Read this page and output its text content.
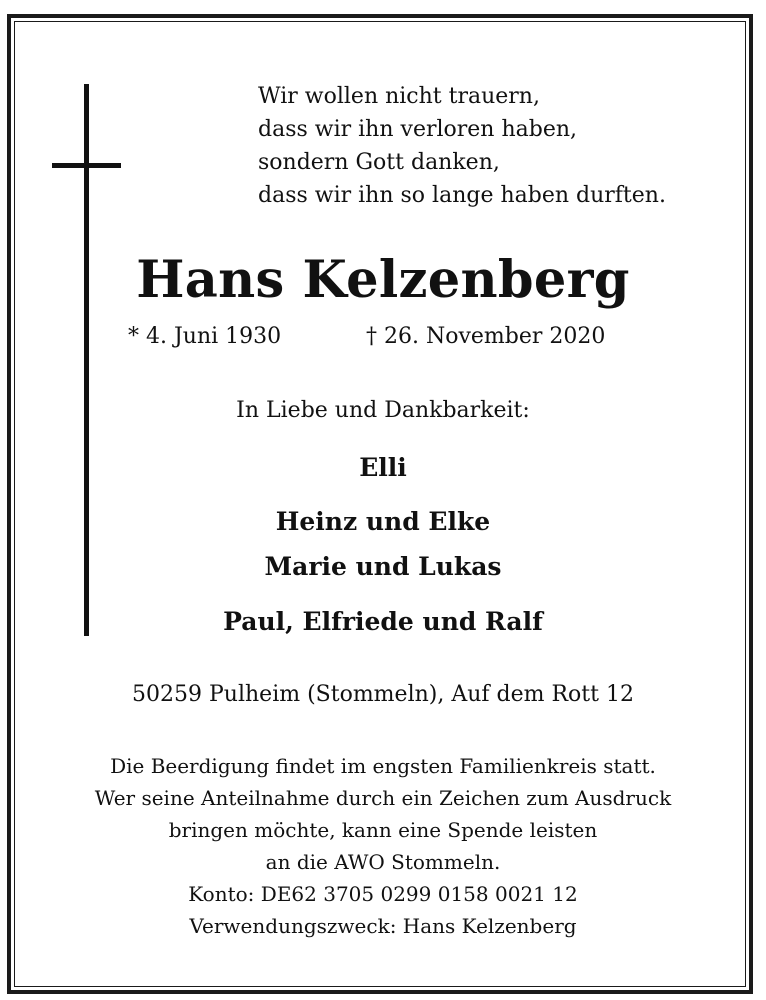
Wir wollen nicht trauern,
dass wir ihn verloren haben,
sondern Gott danken,
dass wir ihn so lange haben durften.
Hans Kelzenberg
* 4. Juni 1930	† 26. November 2020
In Liebe und Dankbarkeit:
Elli
Heinz und Elke
Marie und Lukas
Paul, Elfriede und Ralf
50259 Pulheim (Stommeln), Auf dem Rott 12
Die Beerdigung findet im engsten Familienkreis statt.
Wer seine Anteilnahme durch ein Zeichen zum Ausdruck
bringen möchte, kann eine Spende leisten
an die AWO Stommeln.
Konto: DE62 3705 0299 0158 0021 12
Verwendungszweck: Hans Kelzenberg
